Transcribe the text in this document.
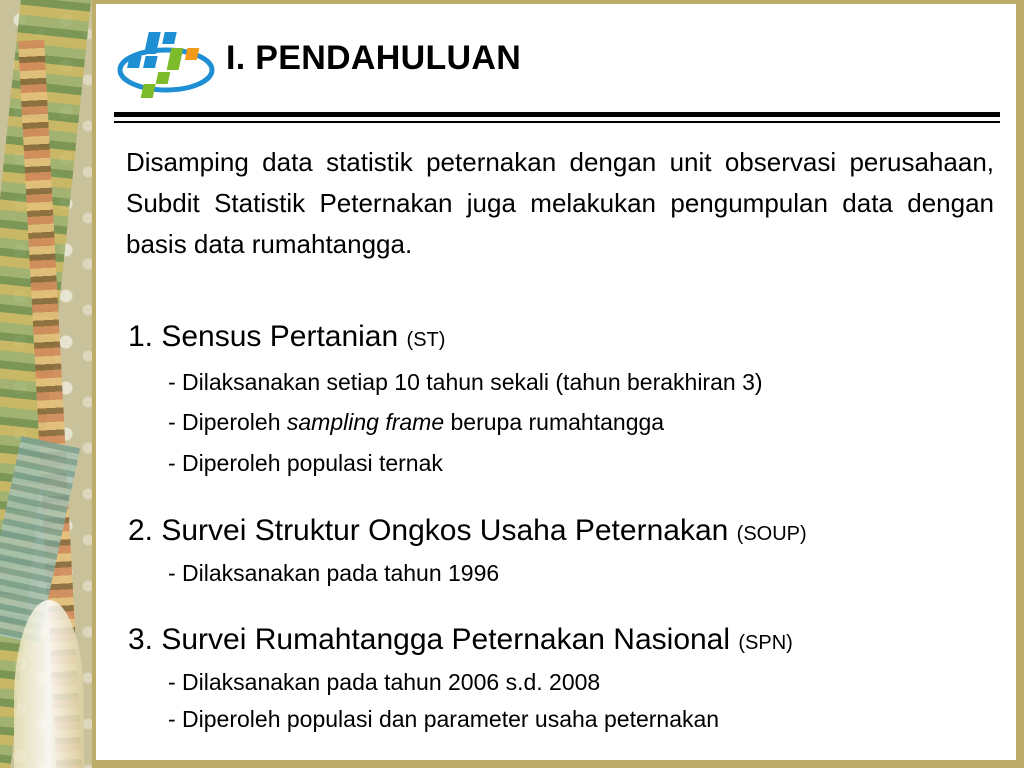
I. PENDAHULUAN

Disamping data statistik peternakan dengan unit observasi perusahaan, Subdit Statistik Peternakan juga melakukan pengumpulan data dengan basis data rumahtangga.

1. Sensus Pertanian (ST)
- Dilaksanakan setiap 10 tahun sekali (tahun berakhiran 3)
- Diperoleh sampling frame berupa rumahtangga
- Diperoleh populasi ternak
2. Survei Struktur Ongkos Usaha Peternakan (SOUP)
- Dilaksanakan pada tahun 1996
3. Survei Rumahtangga Peternakan Nasional (SPN)
- Dilaksanakan pada tahun 2006 s.d. 2008
- Diperoleh populasi dan parameter usaha peternakan
